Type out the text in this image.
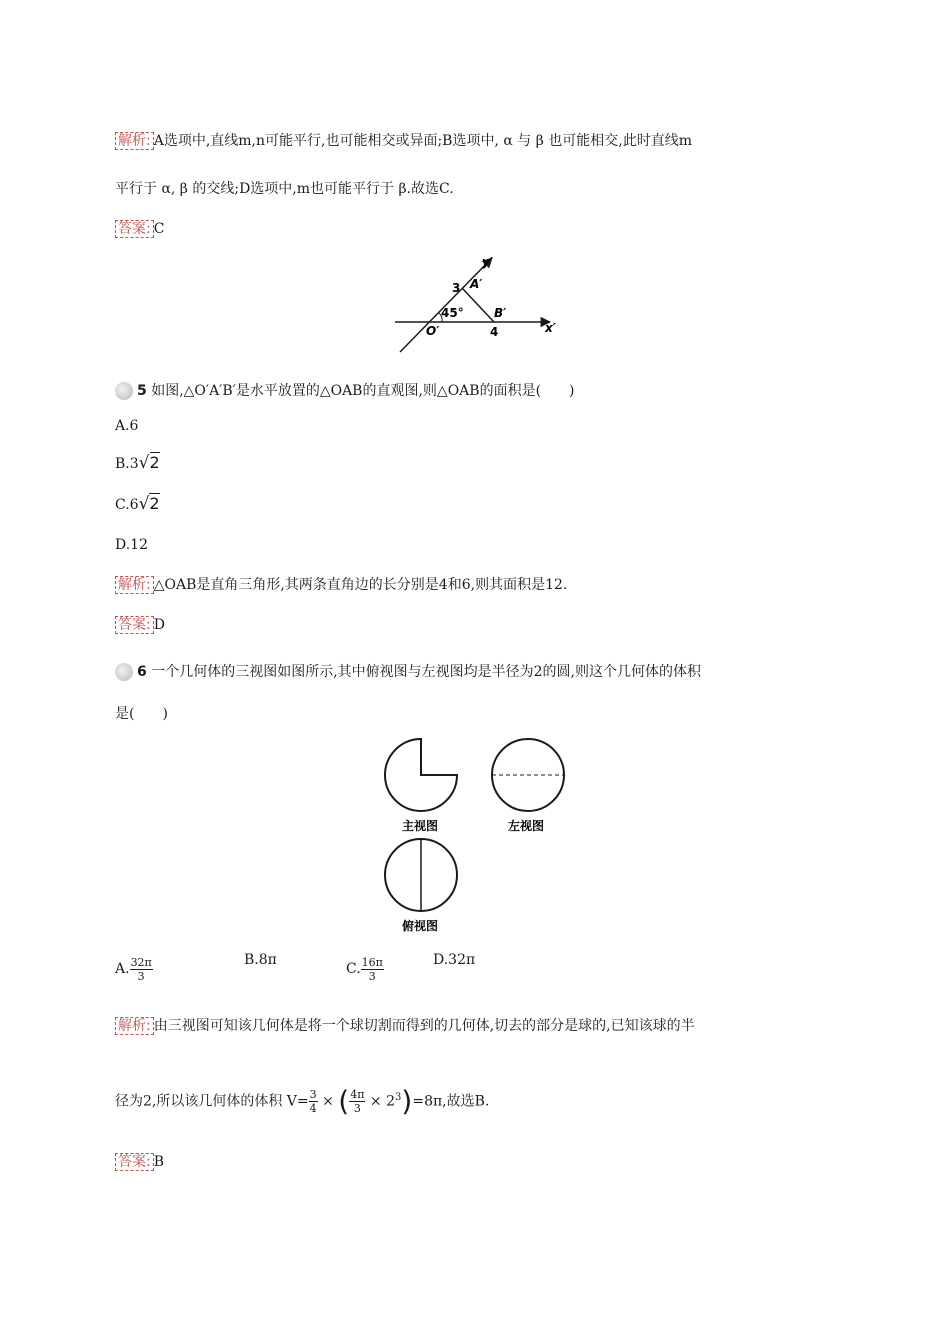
解析: A选项中,直线m,n可能平行,也可能相交或异面;B选项中, α 与 β 也可能相交,此时直线m
平行于 α, β 的交线;D选项中,m也可能平行于 β.故选C.
答案: C
y′
x′
O′
A′
B′
45°
3
4
5 如图,△O′A′B′是水平放置的△OAB的直观图,则△OAB的面积是(　　)
A.6
B.3√2
C.6√2
D.12
解析: △OAB是直角三角形,其两条直角边的长分别是4和6,则其面积是12.
答案: D
6 一个几何体的三视图如图所示,其中俯视图与左视图均是半径为2的圆,则这个几何体的体积
是(　　)
主视图	左视图
俯视图
A. $\frac{32\pi}{3}$	B.8π
C. $\frac{16\pi}{3}$	D.32π
解析: 由三视图可知该几何体是将一个球切割而得到的几何体,切去的部分是球的,已知该球的半
径为2,所以该几何体的体积 $V= \frac{3}{4}$ × ( $\frac{4\pi}{3} \times 2^3)=8\pi$,故选B.
答案: B
